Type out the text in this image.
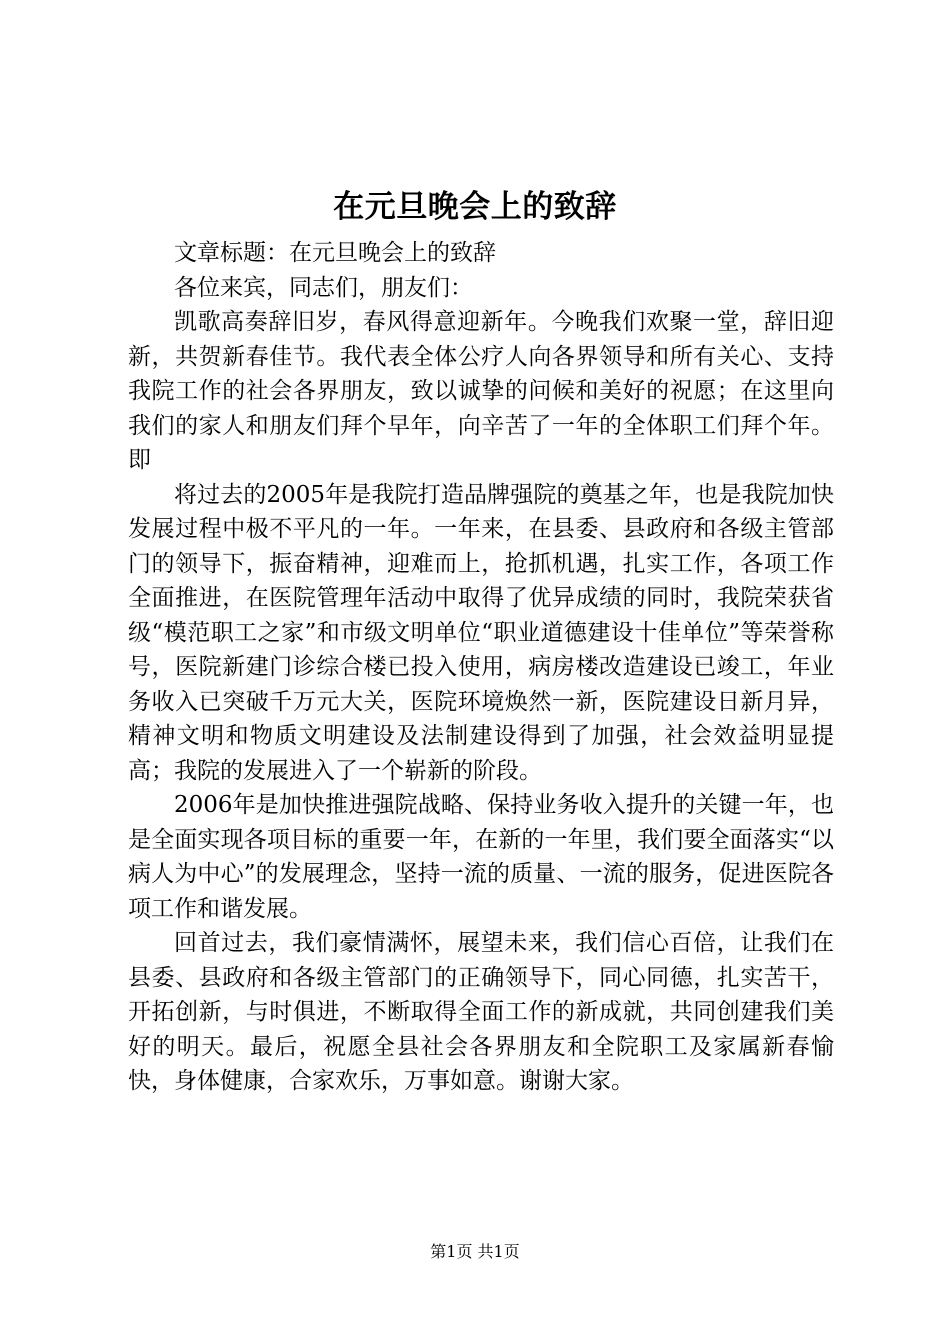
在元旦晚会上的致辞

文章标题：在元旦晚会上的致辞

各位来宾，同志们，朋友们：

凯歌高奏辞旧岁，春风得意迎新年。今晚我们欢聚一堂，辞旧迎新，共贺新春佳节。我代表全体公疗人向各界领导和所有关心、支持我院工作的社会各界朋友，致以诚挚的问候和美好的祝愿；在这里向我们的家人和朋友们拜个早年，向辛苦了一年的全体职工们拜个年。即

将过去的2005年是我院打造品牌强院的奠基之年，也是我院加快发展过程中极不平凡的一年。一年来，在县委、县政府和各级主管部门的领导下，振奋精神，迎难而上，抢抓机遇，扎实工作，各项工作全面推进，在医院管理年活动中取得了优异成绩的同时，我院荣获省级“模范职工之家”和市级文明单位“职业道德建设十佳单位”等荣誉称号，医院新建门诊综合楼已投入使用，病房楼改造建设已竣工，年业务收入已突破千万元大关，医院环境焕然一新，医院建设日新月异，精神文明和物质文明建设及法制建设得到了加强，社会效益明显提高；我院的发展进入了一个崭新的阶段。

2006年是加快推进强院战略、保持业务收入提升的关键一年，也是全面实现各项目标的重要一年，在新的一年里，我们要全面落实“以病人为中心”的发展理念，坚持一流的质量、一流的服务，促进医院各项工作和谐发展。

回首过去，我们豪情满怀，展望未来，我们信心百倍，让我们在县委、县政府和各级主管部门的正确领导下，同心同德，扎实苦干，开拓创新，与时俱进，不断取得全面工作的新成就，共同创建我们美好的明天。最后，祝愿全县社会各界朋友和全院职工及家属新春愉快，身体健康，合家欢乐，万事如意。谢谢大家。

第1页 共1页
